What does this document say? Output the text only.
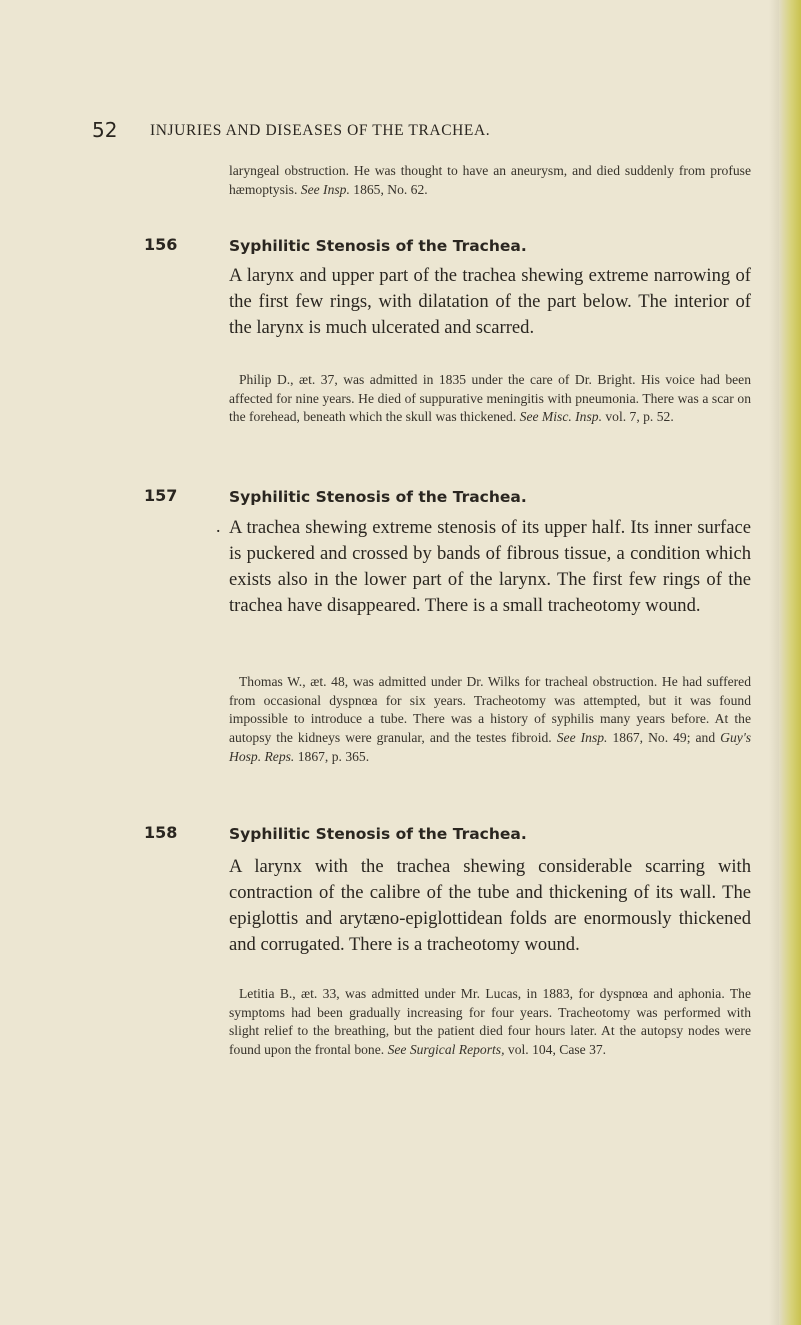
52 INJURIES AND DISEASES OF THE TRACHEA.

laryngeal obstruction. He was thought to have an aneurysm, and died suddenly from profuse hæmoptysis. See Insp. 1865, No. 62.

156	Syphilitic Stenosis of the Trachea.

A larynx and upper part of the trachea shewing extreme narrowing of the first few rings, with dilatation of the part below. The interior of the larynx is much ulcerated and scarred.

Philip D., æt. 37, was admitted in 1835 under the care of Dr. Bright. His voice had been affected for nine years. He died of suppurative meningitis with pneumonia. There was a scar on the forehead, beneath which the skull was thickened. See Misc. Insp. vol. 7, p. 52.

157	Syphilitic Stenosis of the Trachea.
. A trachea shewing extreme stenosis of its upper half. Its inner surface is puckered and crossed by bands of fibrous tissue, a condition which exists also in the lower part of the larynx. The first few rings of the trachea have disappeared. There is a small tracheotomy wound.

Thomas W., æt. 48, was admitted under Dr. Wilks for tracheal obstruction. He had suffered from occasional dyspnœa for six years. Tracheotomy was attempted, but it was found impossible to introduce a tube. There was a history of syphilis many years before. At the autopsy the kidneys were granular, and the testes fibroid. See Insp. 1867, No. 49; and Guy's Hosp. Reps. 1867, p. 365.

158	Syphilitic Stenosis of the Trachea.

A larynx with the trachea shewing considerable scarring with contraction of the calibre of the tube and thickening of its wall. The epiglottis and arytæno-epiglottidean folds are enormously thickened and corrugated. There is a tracheotomy wound.

Letitia B., æt. 33, was admitted under Mr. Lucas, in 1883, for dyspnœa and aphonia. The symptoms had been gradually increasing for four years. Tracheotomy was performed with slight relief to the breathing, but the patient died four hours later. At the autopsy nodes were found upon the frontal bone. See Surgical Reports, vol. 104, Case 37.
